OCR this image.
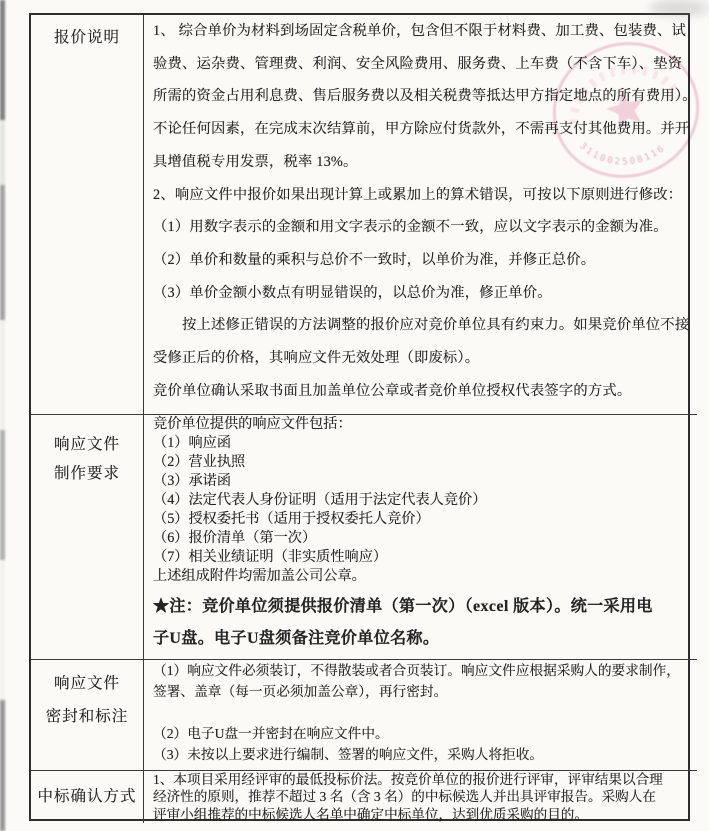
报价说明 1、 综合单价为材料到场固定含税单价，包含但不限于材料费、加工费、包装费、试
验费、运杂费、管理费、利润、安全风险费用、服务费、上车费（不含下车）、垫资
所需的资金占用利息费、售后服务费以及相关税费等抵达甲方指定地点的所有费用）。
不论任何因素，在完成末次结算前，甲方除应付货款外，不需再支付其他费用。并开
具增值税专用发票，税率 13%。
2、响应文件中报价如果出现计算上或累加上的算术错误，可按以下原则进行修改：
（1）用数字表示的金额和用文字表示的金额不一致，应以文字表示的金额为准。
（2）单价和数量的乘积与总价不一致时，以单价为准，并修正总价。
（3）单价金额小数点有明显错误的，以总价为准，修正单价。
　　按上述修正错误的方法调整的报价应对竞价单位具有约束力。如果竞价单位不接
受修正后的价格，其响应文件无效处理（即废标）。
竞价单位确认采取书面且加盖单位公章或者竞价单位授权代表签字的方式。
响应文件
制作要求
竞价单位提供的响应文件包括：
（1）响应函
（2）营业执照
（3）承诺函
（4）法定代表人身份证明（适用于法定代表人竞价）
（5）授权委托书（适用于授权委托人竞价）
（6）报价清单（第一次）
（7）相关业绩证明（非实质性响应）
上述组成附件均需加盖公司公章。
★注：竞价单位须提供报价清单（第一次）（excel 版本）。统一采用电
子U盘。电子U盘须备注竞价单位名称。
响应文件
密封和标注
（1）响应文件必须装订，不得散装或者合页装订。响应文件应根据采购人的要求制作，
签署、盖章（每一页必须加盖公章），再行密封。

（2）电子U盘一并密封在响应文件中。
（3）未按以上要求进行编制、签署的响应文件，采购人将拒收。
中标确认方式
1、本项目采用经评审的最低投标价法。按竞价单位的报价进行评审，评审结果以合理
经济性的原则，推荐不超过 3 名（含 3 名）的中标候选人并出具评审报告。采购人在
评审小组推荐的中标候选人名单中确定中标单位，达到优质采购的目的。
311002508116
